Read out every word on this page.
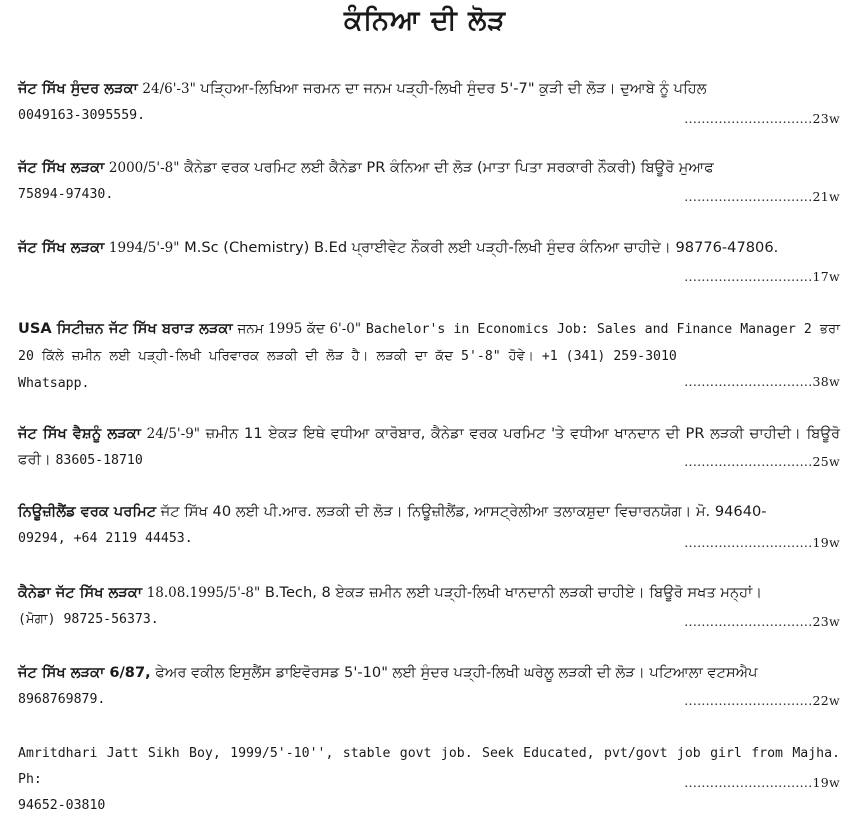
ਕੰਨਿਆ ਦੀ ਲੋੜ
ਜੱਟ ਸਿੱਖ ਸੁੰਦਰ ਲੜਕਾ 24/6'-3" ਪੜ੍ਹਿਆ-ਲਿਖਿਆ ਜਰਮਨ ਦਾ ਜਨਮ ਪੜ੍ਹੀ-ਲਿਖੀ ਸੁੰਦਰ 5'-7" ਕੁੜੀ ਦੀ ਲੋੜ। ਦੁਆਬੇ ਨੂੰ ਪਹਿਲ
0049163-3095559.	..............................23w
ਜੱਟ ਸਿੱਖ ਲੜਕਾ 2000/5'-8" ਕੈਨੇਡਾ ਵਰਕ ਪਰਮਿਟ ਲਈ ਕੈਨੇਡਾ PR ਕੰਨਿਆ ਦੀ ਲੋੜ (ਮਾਤਾ ਪਿਤਾ ਸਰਕਾਰੀ ਨੌਕਰੀ) ਬਿਊਰੋ ਮੁਆਫ
75894-97430.	..............................21w
ਜੱਟ ਸਿੱਖ ਲੜਕਾ 1994/5'-9" M.Sc (Chemistry) B.Ed ਪ੍ਰਾਈਵੇਟ ਨੌਕਰੀ ਲਈ ਪੜ੍ਹੀ-ਲਿਖੀ ਸੁੰਦਰ ਕੰਨਿਆ ਚਾਹੀਦੇ। 98776-47806.
..............................17w
USA ਸਿਟੀਜ਼ਨ ਜੱਟ ਸਿੱਖ ਬਰਾੜ ਲੜਕਾ ਜਨਮ 1995 ਕੱਦ 6'-0" Bachelor's in Economics Job: Sales and Finance Manager 2 ਭਰਾ 20 ਕਿੱਲੇ ਜ਼ਮੀਨ ਲਈ ਪੜ੍ਹੀ-ਲਿਖੀ ਪਰਿਵਾਰਕ ਲੜਕੀ ਦੀ ਲੋੜ ਹੈ। ਲੜਕੀ ਦਾ ਕੱਦ 5'-8" ਹੋਵੇ। +1 (341) 259-3010
Whatsapp.	..............................38w
ਜੱਟ ਸਿੱਖ ਵੈਸ਼ਨੂੰ ਲੜਕਾ 24/5'-9" ਜ਼ਮੀਨ 11 ਏਕੜ ਇਥੇ ਵਧੀਆ ਕਾਰੋਬਾਰ, ਕੈਨੇਡਾ ਵਰਕ ਪਰਮਿਟ 'ਤੇ ਵਧੀਆ ਖਾਨਦਾਨ ਦੀ PR ਲੜਕੀ ਚਾਹੀਦੀ। ਬਿਊਰੋ ਫਰੀ। 83605-18710	..............................25w
ਨਿਊਜ਼ੀਲੈਂਡ ਵਰਕ ਪਰਮਿਟ ਜੱਟ ਸਿੱਖ 40 ਲਈ ਪੀ.ਆਰ. ਲੜਕੀ ਦੀ ਲੋੜ। ਨਿਊਜ਼ੀਲੈਂਡ, ਆਸਟ੍ਰੇਲੀਆ ਤਲਾਕਸ਼ੁਦਾ ਵਿਚਾਰਨਯੋਗ। ਮੋ. 94640-
09294, +64 2119 44453.	..............................19w
ਕੈਨੇਡਾ ਜੱਟ ਸਿੱਖ ਲੜਕਾ 18.08.1995/5'-8" B.Tech, 8 ਏਕੜ ਜ਼ਮੀਨ ਲਈ ਪੜ੍ਹੀ-ਲਿਖੀ ਖਾਨਦਾਨੀ ਲੜਕੀ ਚਾਹੀਏ। ਬਿਊਰੋ ਸਖਤ ਮਨ੍ਹਾਂ।
(ਮੋਗਾ) 98725-56373.	..............................23w
ਜੱਟ ਸਿੱਖ ਲੜਕਾ 6/87, ਫੇਅਰ ਵਕੀਲ ਇਸੁਲੈਂਸ ਡਾਇਵੋਰਸਡ 5'-10" ਲਈ ਸੁੰਦਰ ਪੜ੍ਹੀ-ਲਿਖੀ ਘਰੇਲੂ ਲੜਕੀ ਦੀ ਲੋੜ। ਪਟਿਆਲਾ ਵਟਸਐਪ
8968769879.	..............................22w
Amritdhari Jatt Sikh Boy, 1999/5'-10'', stable govt job. Seek Educated, pvt/govt job girl from Majha. Ph:
94652-03810
..............................19w
